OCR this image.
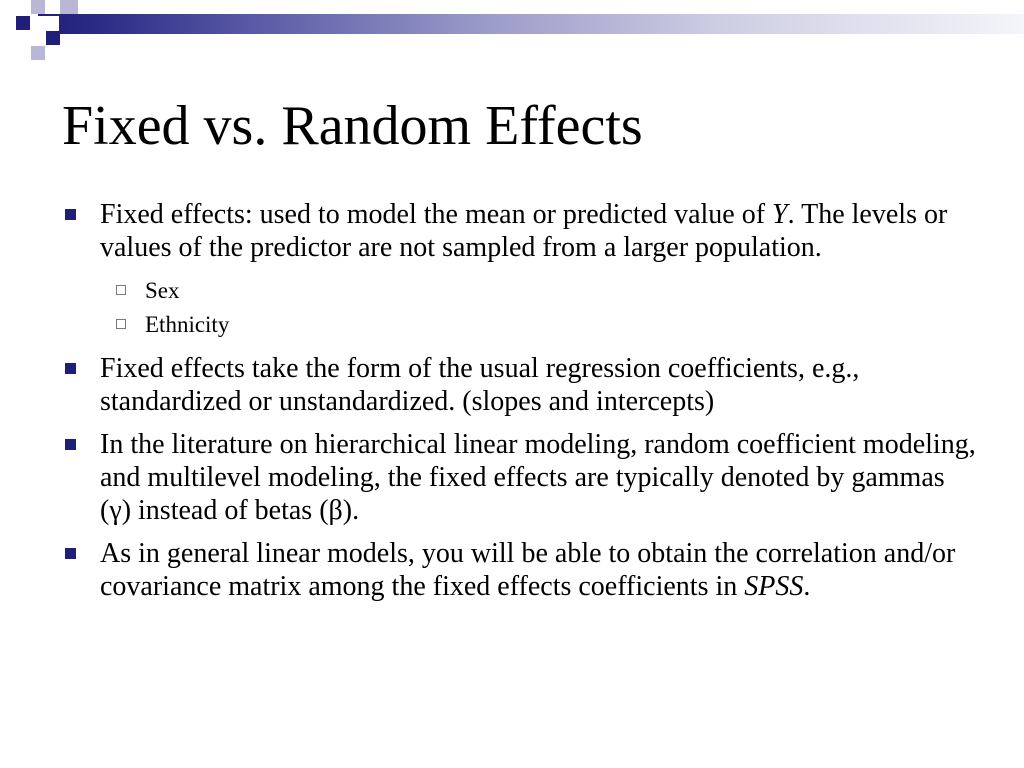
Fixed vs. Random Effects
Fixed effects: used to model the mean or predicted value of Y. The levels or values of the predictor are not sampled from a larger population.
Sex
Ethnicity
Fixed effects take the form of the usual regression coefficients, e.g., standardized or unstandardized. (slopes and intercepts)
In the literature on hierarchical linear modeling, random coefficient modeling, and multilevel modeling, the fixed effects are typically denoted by gammas (γ) instead of betas (β).
As in general linear models, you will be able to obtain the correlation and/or covariance matrix among the fixed effects coefficients in SPSS.
